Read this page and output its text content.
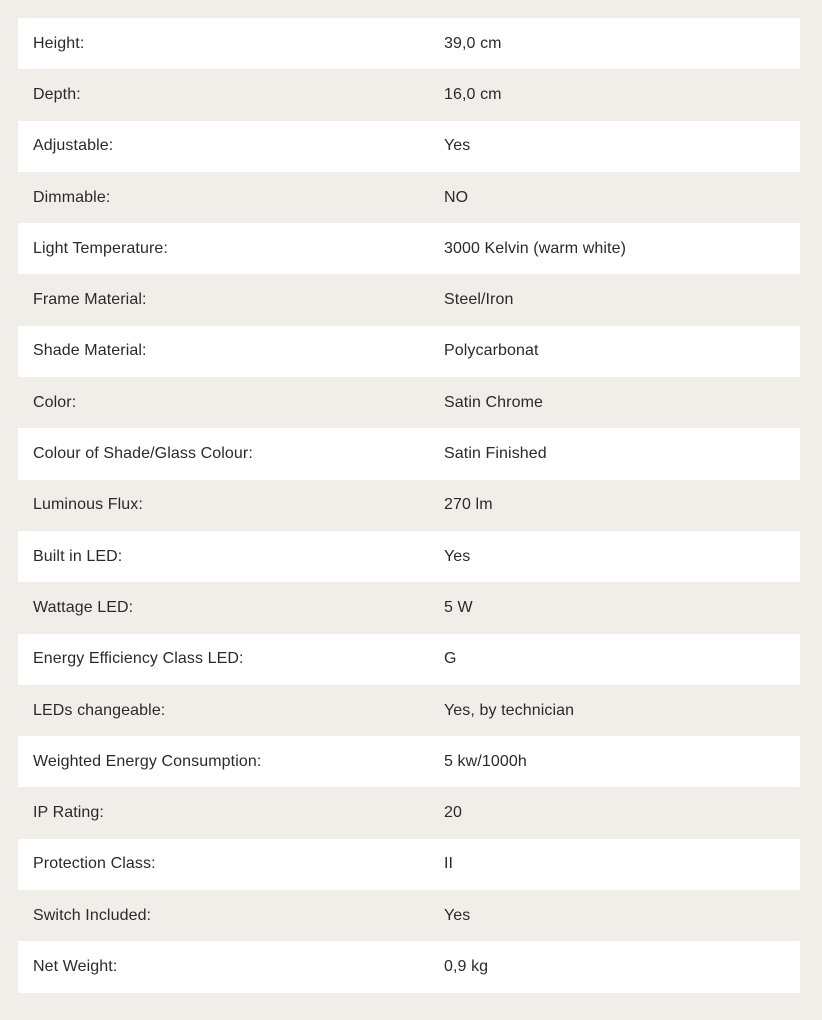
Height:	39,0 cm
Depth:	16,0 cm
Adjustable:	Yes
Dimmable:	NO
Light Temperature:	3000 Kelvin (warm white)
Frame Material:	Steel/Iron
Shade Material:	Polycarbonat
Color:	Satin Chrome
Colour of Shade/Glass Colour:	Satin Finished
Luminous Flux:	270 lm
Built in LED:	Yes
Wattage LED:	5 W
Energy Efficiency Class LED:	G
LEDs changeable:	Yes, by technician
Weighted Energy Consumption:	5 kw/1000h
IP Rating:	20
Protection Class:	II
Switch Included:	Yes
Net Weight:	0,9 kg
